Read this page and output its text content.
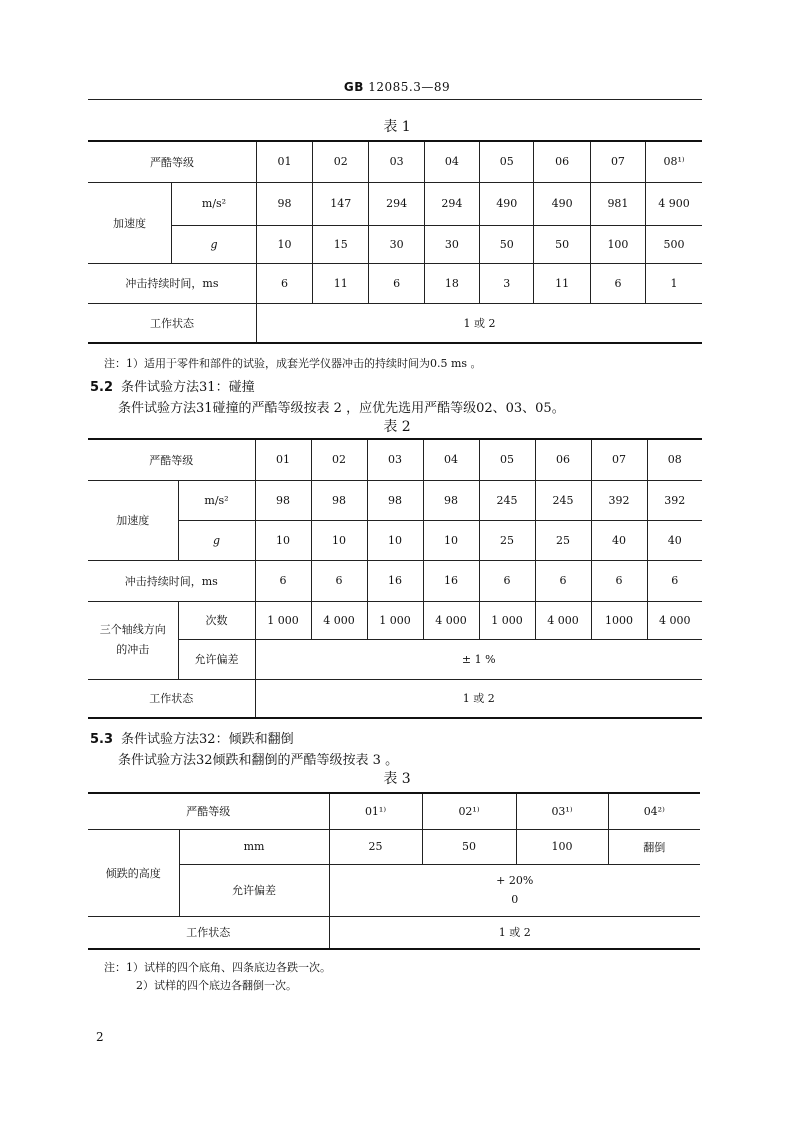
GB 12085.3—89
表 1
严酷等级		01	02	03	04	05	06	07	08¹⁾
加速度	m/s²	98	147	294	294	490	490	981	4 900
	g	10	15	30	30	50	50	100	500
冲击持续时间，ms		6	11	6	18	3	11	6	1
工作状态		1 或 2							
注：1）适用于零件和部件的试验，成套光学仪器冲击的持续时间为0.5 ms 。
5.2 条件试验方法31：碰撞
条件试验方法31碰撞的严酷等级按表 2 ，应优先选用严酷等级02、03、05。
表 2
严酷等级		01	02	03	04	05	06	07	08
加速度	m/s²	98	98	98	98	245	245	392	392
	g	10	10	10	10	25	25	40	40
冲击持续时间，ms		6	6	16	16	6	6	6	6
三个轴线方向的冲击	次数	1 000	4 000	1 000	4 000	1 000	4 000	1000	4 000
	允许偏差	± 1 %							
工作状态		1 或 2							
5.3 条件试验方法32：倾跌和翻倒
条件试验方法32倾跌和翻倒的严酷等级按表 3 。
表 3
严酷等级		01¹⁾	02¹⁾	03¹⁾	04²⁾
倾跌的高度	mm	25	50	100	翻倒
	允许偏差	+ 20%
0			

工作状态		1 或 2			
注：1）试样的四个底角、四条底边各跌一次。
2）试样的四个底边各翻倒一次。
2
